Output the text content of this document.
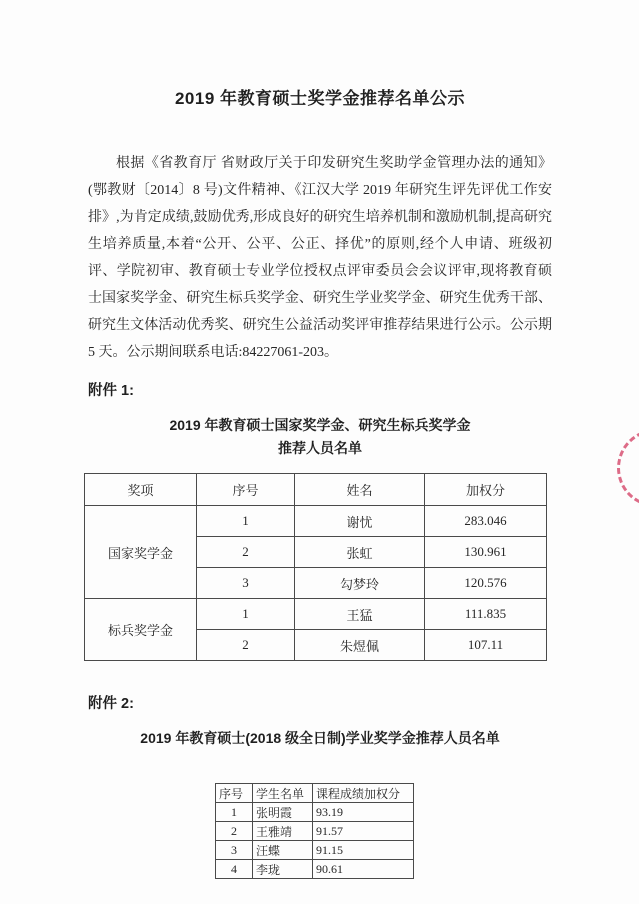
2019 年教育硕士奖学金推荐名单公示

根据《省教育厅 省财政厅关于印发研究生奖助学金管理办法的通知》(鄂教财〔2014〕8 号)文件精神、《江汉大学 2019 年研究生评先评优工作安排》,为肯定成绩,鼓励优秀,形成良好的研究生培养机制和激励机制,提高研究生培养质量,本着“公开、公平、公正、择优”的原则,经个人申请、班级初评、学院初审、教育硕士专业学位授权点评审委员会会议评审,现将教育硕士国家奖学金、研究生标兵奖学金、研究生学业奖学金、研究生优秀干部、研究生文体活动优秀奖、研究生公益活动奖评审推荐结果进行公示。公示期 5 天。公示期间联系电话:84227061-203。

附件 1:
2019 年教育硕士国家奖学金、研究生标兵奖学金
推荐人员名单
奖项	序号	姓名	加权分
国家奖学金	1	谢忧	283.046
	2	张虹	130.961
	3	勾梦玲	120.576
标兵奖学金	1	王猛	111.835
	2	朱煜佩	107.11
附件 2:
2019 年教育硕士(2018 级全日制)学业奖学金推荐人员名单
序号	学生名单	课程成绩加权分
1	张明霞	93.19
2	王雅靖	91.57
3	汪蝶	91.15
4	李珑	90.61
